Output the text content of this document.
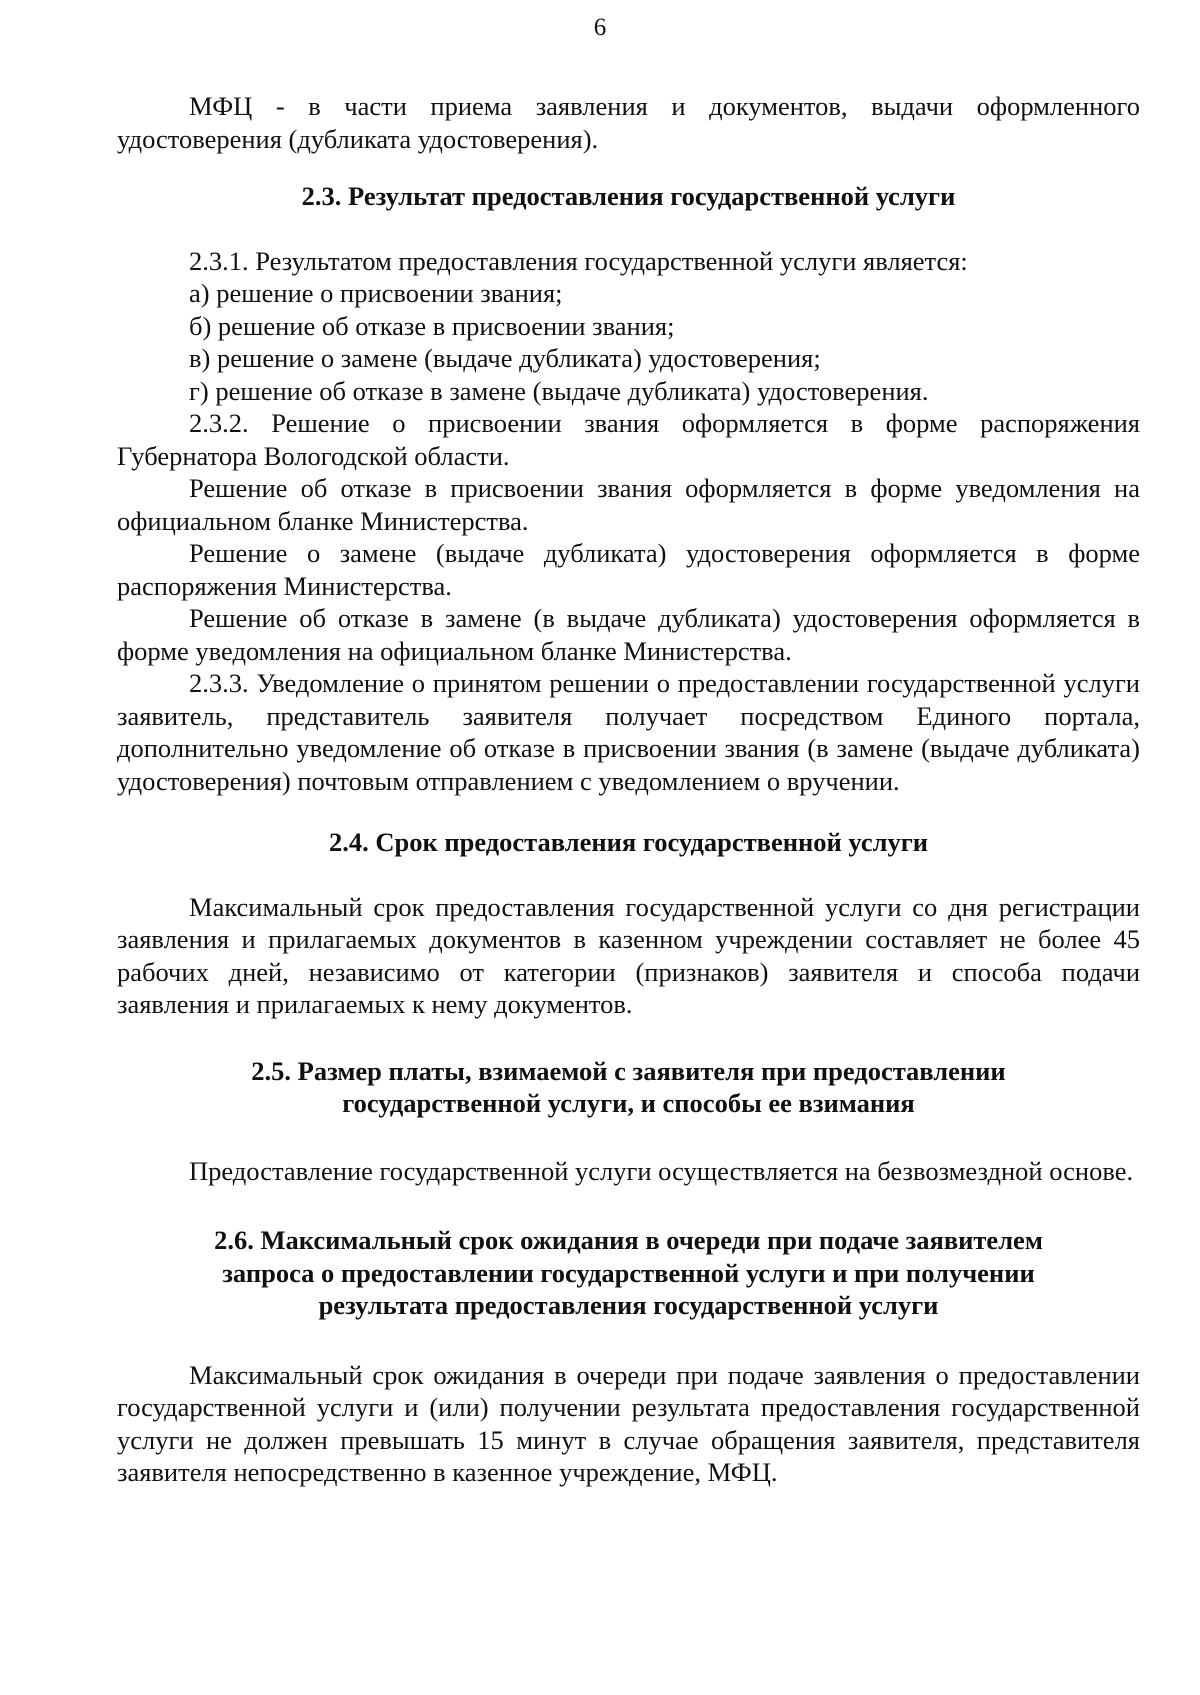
6

МФЦ - в части приема заявления и документов, выдачи оформленного удостоверения (дубликата удостоверения).

2.3. Результат предоставления государственной услуги

2.3.1. Результатом предоставления государственной услуги является:

а) решение о присвоении звания;

б) решение об отказе в присвоении звания;

в) решение о замене (выдаче дубликата) удостоверения;

г) решение об отказе в замене (выдаче дубликата) удостоверения.

2.3.2. Решение о присвоении звания оформляется в форме распоряжения Губернатора Вологодской области.

Решение об отказе в присвоении звания оформляется в форме уведомления на официальном бланке Министерства.

Решение о замене (выдаче дубликата) удостоверения оформляется в форме распоряжения Министерства.

Решение об отказе в замене (в выдаче дубликата) удостоверения оформляется в форме уведомления на официальном бланке Министерства.

2.3.3. Уведомление о принятом решении о предоставлении государственной услуги заявитель, представитель заявителя получает посредством Единого портала, дополнительно уведомление об отказе в присвоении звания (в замене (выдаче дубликата) удостоверения) почтовым отправлением с уведомлением о вручении.

2.4. Срок предоставления государственной услуги

Максимальный срок предоставления государственной услуги со дня регистрации заявления и прилагаемых документов в казенном учреждении составляет не более 45 рабочих дней, независимо от категории (признаков) заявителя и способа подачи заявления и прилагаемых к нему документов.

2.5. Размер платы, взимаемой с заявителя при предоставлении
государственной услуги, и способы ее взимания

Предоставление государственной услуги осуществляется на безвозмездной основе.

2.6. Максимальный срок ожидания в очереди при подаче заявителем
запроса о предоставлении государственной услуги и при получении
результата предоставления государственной услуги

Максимальный срок ожидания в очереди при подаче заявления о предоставлении государственной услуги и (или) получении результата предоставления государственной услуги не должен превышать 15 минут в случае обращения заявителя, представителя заявителя непосредственно в казенное учреждение, МФЦ.
